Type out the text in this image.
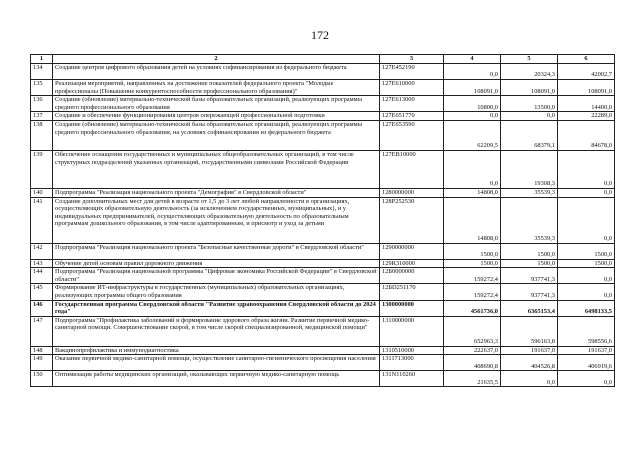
172
1	2	3	4	5	6
134	Создание центров цифрового образования детей на условиях софинансирования из федерального бюджета	127E452190	0,0	20324,3	42002,7
135	Реализация мероприятий, направленных на достижение показателей федерального проекта "Молодые профессионалы (Повышение конкурентоспособности профессионального образования)"	127E610000	108091,0	108091,0	108091,0
136	Создание (обновление) материально-технической базы образовательных организаций, реализующих программы среднего профессионального образования	127E613000	10800,0	13500,0	14400,0
137	Создание и обеспечение функционирования центров опережающей профессиональной подготовки	127E651770	0,0	0,0	22289,0
138	Создание (обновление) материально-технической базы образовательных организаций, реализующих программы среднего профессионального образования, на условиях софинансирования из федерального бюджета	127E653590	62209,5	68379,1	84678,0
139	Обеспечение оснащения государственных и муниципальных общеобразовательных организаций, в том числе структурных подразделений указанных организаций, государственными символами Российской Федерации	127EB10000	0,0	19308,3	0,0
140	Подпрограмма "Реализация национального проекта "Демография" в Свердловской области"	1280000000	14808,0	35539,3	0,0
141	Создание дополнительных мест для детей в возрасте от 1,5 до 3 лет любой направленности в организациях, осуществляющих образовательную деятельность (за исключением государственных, муниципальных), и у индивидуальных предпринимателей, осуществляющих образовательную деятельность по образовательным программам дошкольного образования, в том числе адаптированным, и присмотр и уход за детьми	128P252530	14808,0	35539,3	0,0
142	Подпрограмма "Реализация национального проекта "Безопасные качественные дороги" в Свердловской области"	1290000000	1500,0	1500,0	1500,0
143	Обучение детей основам правил дорожного движения	129R310000	1500,0	1500,0	1500,0
144	Подпрограмма "Реализация национальной программы "Цифровая экономика Российской Федерации" в Свердловской области"	12Б0000000	159272,4	937741,3	0,0
145	Формирование ИТ-инфраструктуры в государственных (муниципальных) образовательных организациях, реализующих программы общего образования	12БD251170	159272,4	937741,3	0,0
146	Государственная программа Свердловской области "Развитие здравоохранения Свердловской области до 2024 года"	1300000000	4561736,0	6365153,4	6498133,5
147	Подпрограмма "Профилактика заболеваний и формирование здорового образа жизни. Развитие первичной медико-санитарной помощи. Совершенствование скорой, в том числе скорой специализированной, медицинской помощи"	1310000000	652963,3	596163,8	598556,6
148	Вакцинопрофилактика и иммунодиагностика	1310510000	222637,0	191637,0	191637,0
149	Оказание первичной медико-санитарной помощи, осуществление санитарно-гигиенического просвещения населения	1311713000	408690,8	404526,8	406919,6
150	Оптимизация работы медицинских организаций, оказывающих первичную медико-санитарную помощь	131N110260	21635,5	0,0	0,0
